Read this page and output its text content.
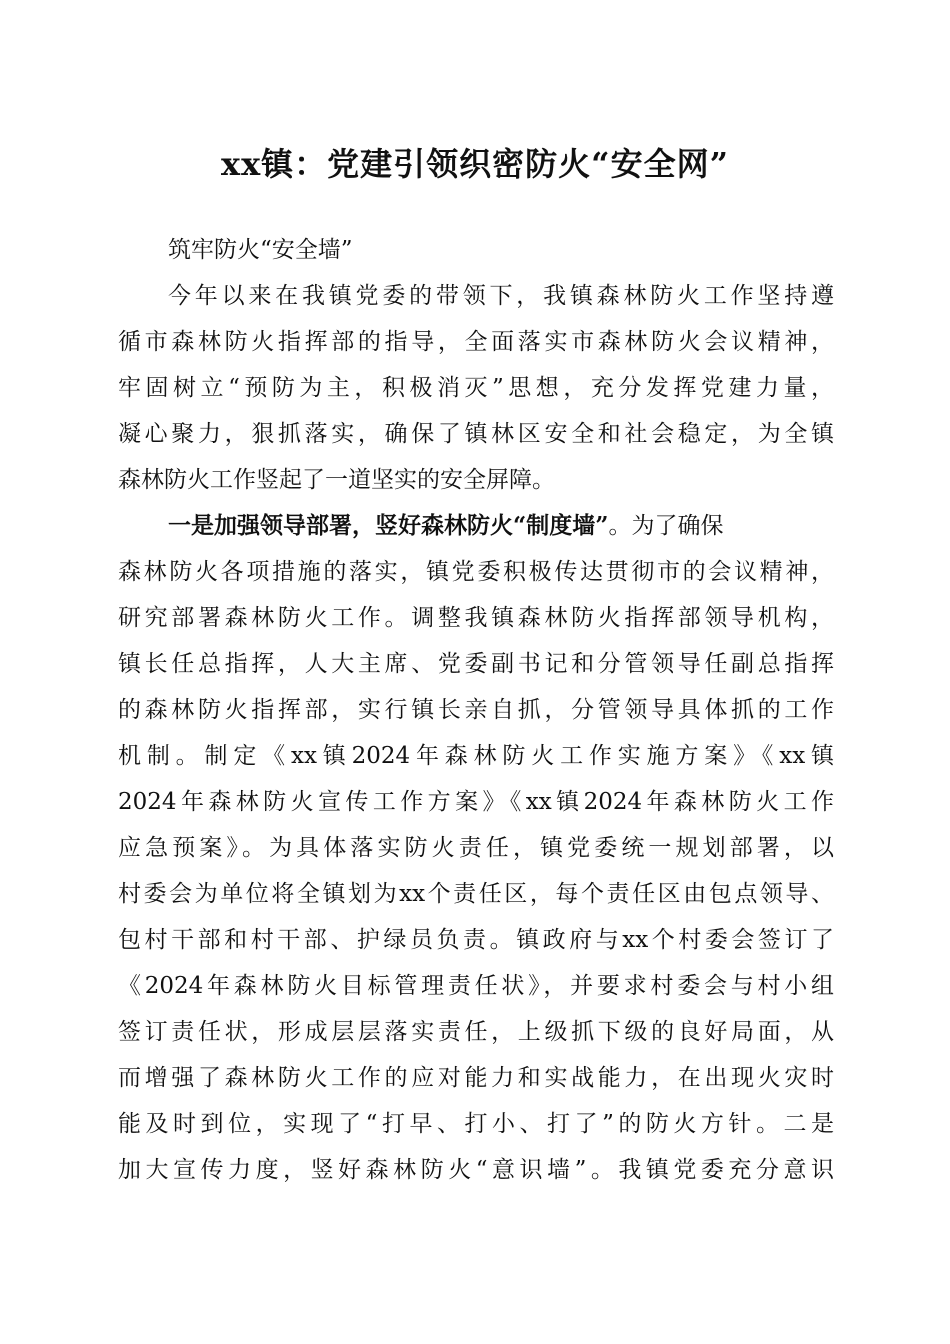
xx镇：党建引领织密防火“安全网”
筑牢防火“安全墙”
今年以来在我镇党委的带领下，我镇森林防火工作坚持遵
循市森林防火指挥部的指导，全面落实市森林防火会议精神，
牢固树立“预防为主，积极消灭”思想，充分发挥党建力量，
凝心聚力，狠抓落实，确保了镇林区安全和社会稳定，为全镇
森林防火工作竖起了一道坚实的安全屏障。
一是加强领导部署，竖好森林防火“制度墙”。为了确保
森林防火各项措施的落实，镇党委积极传达贯彻市的会议精神，
研究部署森林防火工作。调整我镇森林防火指挥部领导机构，
镇长任总指挥，人大主席、党委副书记和分管领导任副总指挥
的森林防火指挥部，实行镇长亲自抓，分管领导具体抓的工作
机制。制定《xx镇2024年森林防火工作实施方案》《xx镇
2024年森林防火宣传工作方案》《xx镇2024年森林防火工作
应急预案》。为具体落实防火责任，镇党委统一规划部署，以
村委会为单位将全镇划为xx个责任区，每个责任区由包点领导、
包村干部和村干部、护绿员负责。镇政府与xx个村委会签订了
《2024年森林防火目标管理责任状》，并要求村委会与村小组
签订责任状，形成层层落实责任，上级抓下级的良好局面，从
而增强了森林防火工作的应对能力和实战能力，在出现火灾时
能及时到位，实现了“打早、打小、打了”的防火方针。二是
加大宣传力度，竖好森林防火“意识墙”。我镇党委充分意识
